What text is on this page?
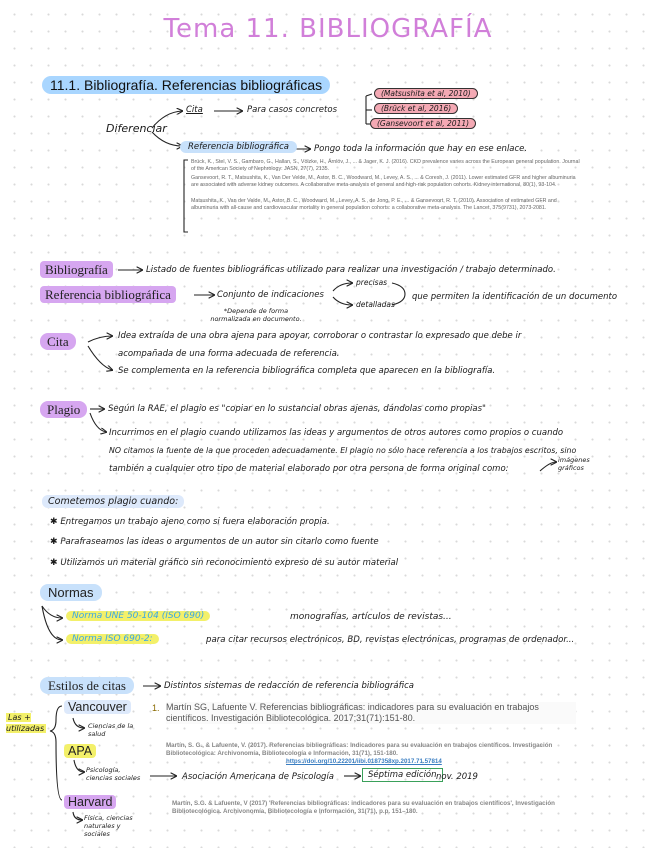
Tema 11. BIBLIOGRAFÍA
11.1. Bibliografía. Referencias bibliográficas
Diferenciar
Cita	Para casos concretos
(Matsushita et al, 2010)
(Brück et al, 2016)
(Gansevoort et al, 2011)
Referencia bibliográfica	Pongo toda la información que hay en ese enlace.
Brück, K., Stel, V. S., Gambaro, G., Hallan, S., Völzke, H., Ärnlöv, J., ... & Jager, K. J. (2016). CKD prevalence varies across the European general population. Journal of the American Society of Nephrology: JASN, 27(7), 2135.
Gansevoort, R. T., Matsushita, K., Van Der Velde, M., Astor, B. C., Woodward, M., Levey, A. S., ... & Coresh, J. (2011). Lower estimated GFR and higher albuminuria are associated with adverse kidney outcomes. A collaborative meta-analysis of general and high-risk population cohorts. Kidney international, 80(1), 93-104.
Matsushita, K., Van der Velde, M., Astor, B. C., Woodward, M., Levey, A. S., de Jong, P. E., ... & Gansevoort, R. T. (2010). Association of estimated GFR and albuminuria with all-cause and cardiovascular mortality in general population cohorts: a collaborative meta-analysis. The Lancet, 375(9731), 2073-2081.
Bibliografía	Listado de fuentes bibliográficas utilizado para realizar una investigación / trabajo determinado.
Referencia bibliográfica	Conjunto de indicaciones
precisas
detalladas
que permiten la identificación de un documento
*Depende de forma normalizada en documento.
Cita	Idea extraída de una obra ajena para apoyar, corroborar o contrastar lo expresado que debe ir
acompañada de una forma adecuada de referencia.
Se complementa en la referencia bibliográfica completa que aparecen en la bibliografía.
Plagio	Según la RAE, el plagio es "copiar en lo sustancial obras ajenas, dándolas como propias"
Incurrimos en el plagio cuando utilizamos las ideas y argumentos de otros autores como propios o cuando
NO citamos la fuente de la que proceden adecuadamente. El plagio no sólo hace referencia a los trabajos escritos, sino
también a cualquier otro tipo de material elaborado por otra persona de forma original como:
imágenes gráficos
Cometemos plagio cuando:
✱ Entregamos un trabajo ajeno como si fuera elaboración propia.
✱ Parafraseamos las ideas o argumentos de un autor sin citarlo como fuente
✱ Utilizamos un material gráfico sin reconocimiento expreso de su autor material
Normas
Norma UNE 50-104 (ISO 690)	monografías, artículos de revistas...
Norma ISO 690-2:	para citar recursos electrónicos, BD, revistas electrónicas, programas de ordenador...
Estilos de citas	Distintos sistemas de redacción de referencia bibliográfica
Las + utilizadas
Vancouver
Ciencias de la salud
APA
Psicología, ciencias sociales
Harvard
Física, ciencias naturales y sociales
1. Martín SG, Lafuente V. Referencias bibliográficas: indicadores para su evaluación en trabajos científicos. Investigación Bibliotecológica. 2017;31(71):151-80.
Martín, S. G., & Lafuente, V. (2017). Referencias bibliográficas: Indicadores para su evaluación en trabajos científicos. Investigación Bibliotecológica: Archivonomía, Bibliotecología e Información, 31(71), 151-180.
https://doi.org/10.22201/iibi.0187358xp.2017.71.57814
Asociación Americana de Psicología	Séptima edición nov. 2019
Martín, S.G. & Lafuente, V (2017) 'Referencias bibliográficas: indicadores para su evaluación en trabajos científicos', Investigación Bibliotecológica. Archivonomía, Bibliotecología e Información, 31(71), p.p. 151–180.
